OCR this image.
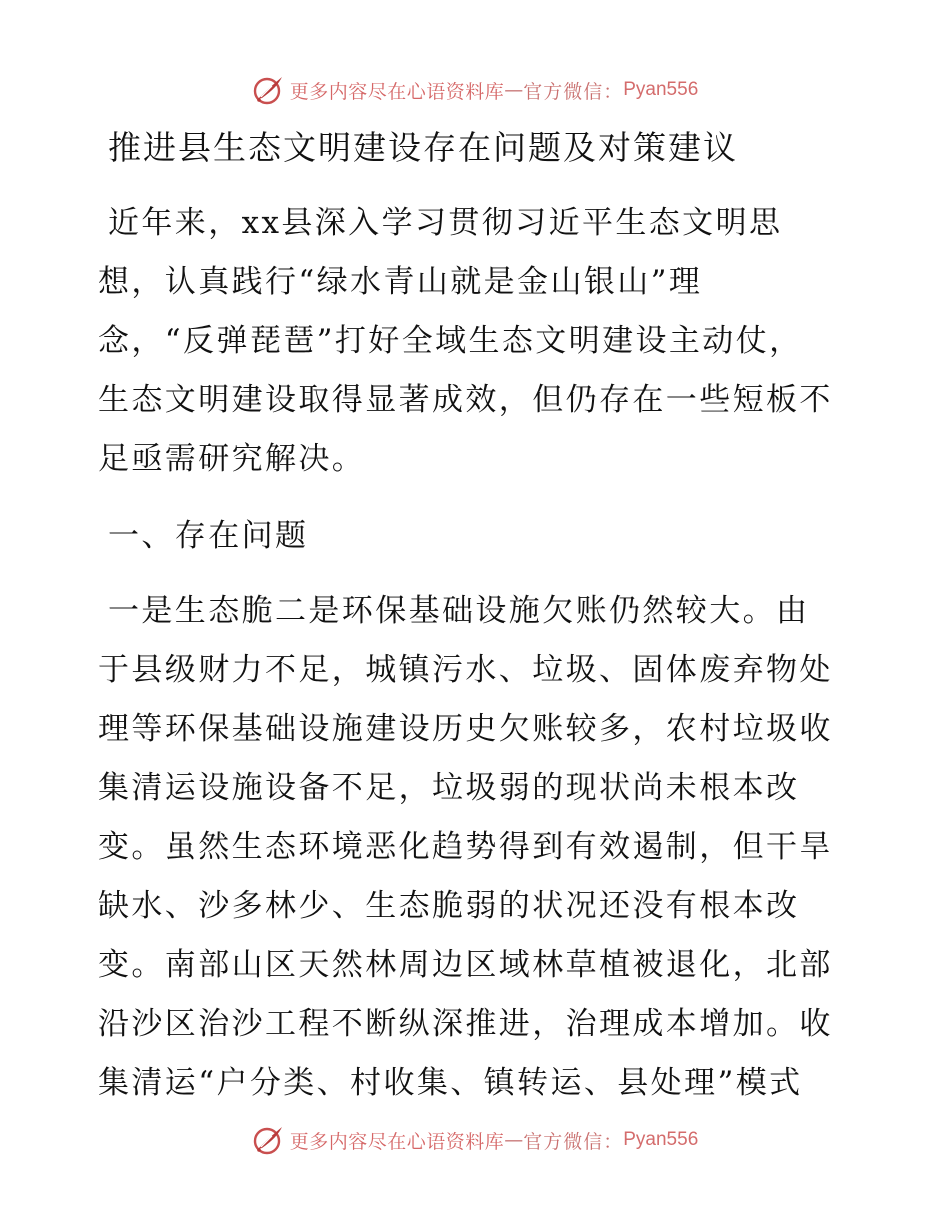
更多内容尽在心语资料库 — 官方微信： Pyan556
推进县生态文明建设存在问题及对策建议

近年来，xx县深入学习贯彻习近平生态文明思
想，认真践行“绿水青山就是金山银山”理
念，“反弹琵琶”打好全域生态文明建设主动仗，
生态文明建设取得显著成效，但仍存在一些短板不
足亟需研究解决。

一、存在问题

一是生态脆二是环保基础设施欠账仍然较大。由
于县级财力不足，城镇污水、垃圾、固体废弃物处
理等环保基础设施建设历史欠账较多，农村垃圾收
集清运设施设备不足，垃圾弱的现状尚未根本改
变。虽然生态环境恶化趋势得到有效遏制，但干旱
缺水、沙多林少、生态脆弱的状况还没有根本改
变。南部山区天然林周边区域林草植被退化，北部
沿沙区治沙工程不断纵深推进，治理成本增加。收
集清运“户分类、村收集、镇转运、县处理”模式

更多内容尽在心语资料库 — 官方微信： Pyan556
